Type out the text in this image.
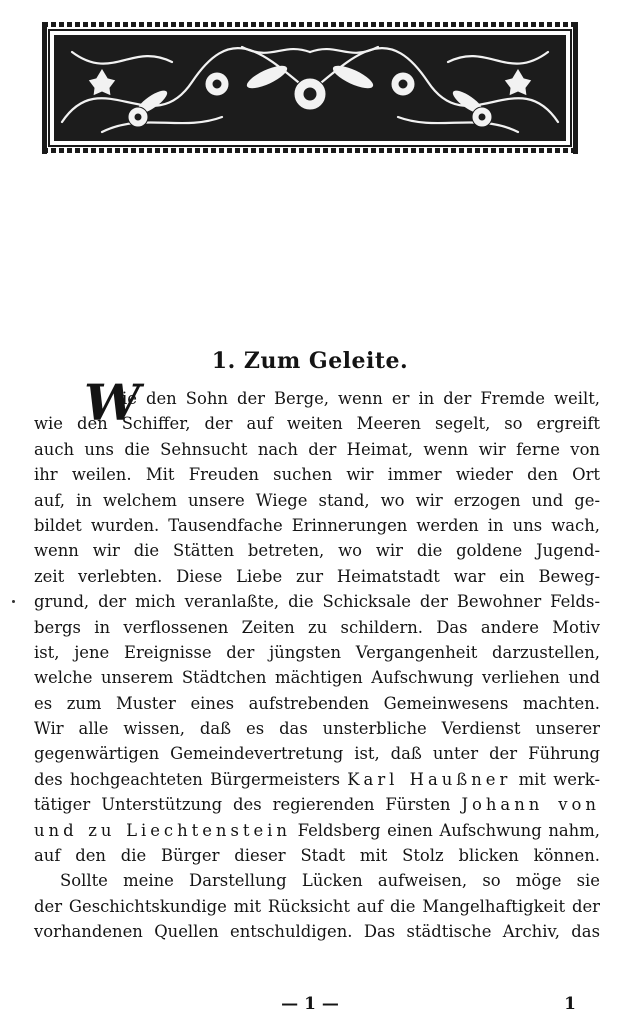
1. Zum Geleite.
W
ie den Sohn der Berge, wenn er in der Fremde weilt,
wie den Schiffer, der auf weiten Meeren segelt, so ergreift
auch uns die Sehnsucht nach der Heimat, wenn wir ferne von
ihr weilen. Mit Freuden suchen wir immer wieder den Ort
auf, in welchem unsere Wiege stand, wo wir erzogen und ge-
bildet wurden. Tausendfache Erinnerungen werden in uns wach,
wenn wir die Stätten betreten, wo wir die goldene Jugend-
zeit verlebten. Diese Liebe zur Heimatstadt war ein Beweg-
grund, der mich veranlaßte, die Schicksale der Bewohner Felds-
bergs in verflossenen Zeiten zu schildern. Das andere Motiv
ist, jene Ereignisse der jüngsten Vergangenheit darzustellen,
welche unserem Städtchen mächtigen Aufschwung verliehen und
es zum Muster eines aufstrebenden Gemeinwesens machten.
Wir alle wissen, daß es das unsterbliche Verdienst unserer
gegenwärtigen Gemeindevertretung ist, daß unter der Führung
des hochgeachteten Bürgermeisters Karl Haußner mit werk-
tätiger Unterstützung des regierenden Fürsten Johann von
und zu Liechtenstein Feldsberg einen Aufschwung nahm,
auf den die Bürger dieser Stadt mit Stolz blicken können.
Sollte meine Darstellung Lücken aufweisen, so möge sie
der Geschichtskundige mit Rücksicht auf die Mangelhaftigkeit der
vorhandenen Quellen entschuldigen. Das städtische Archiv, das
— 1 —	1
